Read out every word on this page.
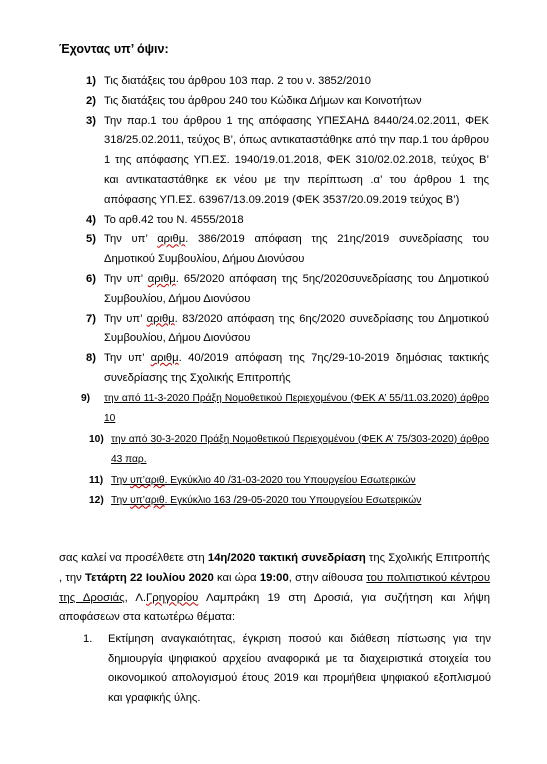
Έχοντας υπ’ όψιν:
1) Τις διατάξεις του άρθρου 103 παρ. 2 του ν. 3852/2010
2) Τις διατάξεις του άρθρου 240 του Κώδικα Δήμων και Κοινοτήτων
3) Την παρ.1 του άρθρου 1 της απόφασης ΥΠΕΣΑΗΔ 8440/24.02.2011, ΦΕΚ 318/25.02.2011, τεύχος Β’, όπως αντικαταστάθηκε από την παρ.1 του άρθρου 1 της απόφασης ΥΠ.ΕΣ. 1940/19.01.2018, ΦΕΚ 310/02.02.2018, τεύχος Β’ και αντικαταστάθηκε εκ νέου με την περίπτωση .α’ του άρθρου 1 της απόφασης ΥΠ.ΕΣ. 63967/13.09.2019 (ΦΕΚ 3537/20.09.2019 τεύχος Β’)
4) Το αρθ.42 του Ν. 4555/2018
5) Την υπ’ αριθμ. 386/2019 απόφαση της 21ης/2019 συνεδρίασης του Δημοτικού Συμβουλίου, Δήμου Διονύσου
6) Την υπ’ αριθμ. 65/2020 απόφαση της 5ης/2020συνεδρίασης του Δημοτικού Συμβουλίου, Δήμου Διονύσου
7) Την υπ’ αριθμ. 83/2020 απόφαση της 6ης/2020 συνεδρίασης του Δημοτικού Συμβουλίου, Δήμου Διονύσου
8) Την υπ’ αριθμ. 40/2019 απόφαση της 7ης/29-10-2019 δημόσιας τακτικής συνεδρίασης της Σχολικής Επιτροπής
9) την από 11-3-2020 Πράξη Νομοθετικού Περιεχομένου (ΦΕΚ Α’ 55/11.03.2020) άρθρο 10
10) την από 30-3-2020 Πράξη Νομοθετικού Περιεχομένου (ΦΕΚ Α’ 75/303-2020) άρθρο 43 παρ.
11) Την υπ’αριθ. Εγκύκλιο 40 /31-03-2020 του Υπουργείου Εσωτερικών
12) Την υπ’αριθ. Εγκύκλιο 163 /29-05-2020 του Υπουργείου Εσωτερικών
σας καλεί να προσέλθετε στη 14η/2020 τακτική συνεδρίαση της Σχολικής Επιτροπής , την Τετάρτη 22 Ιουλίου 2020 και ώρα 19:00, στην αίθουσα του πολιτιστικού κέντρου της Δροσιάς, Λ.Γρηγορίου Λαμπράκη 19 στη Δροσιά, για συζήτηση και λήψη αποφάσεων στα κατωτέρω θέματα:
1. Εκτίμηση αναγκαιότητας, έγκριση ποσού και διάθεση πίστωσης για την δημιουργία ψηφιακού αρχείου αναφορικά με τα διαχειριστικά στοιχεία του οικονομικού απολογισμού έτους 2019 και προμήθεια ψηφιακού εξοπλισμού και γραφικής ύλης.
